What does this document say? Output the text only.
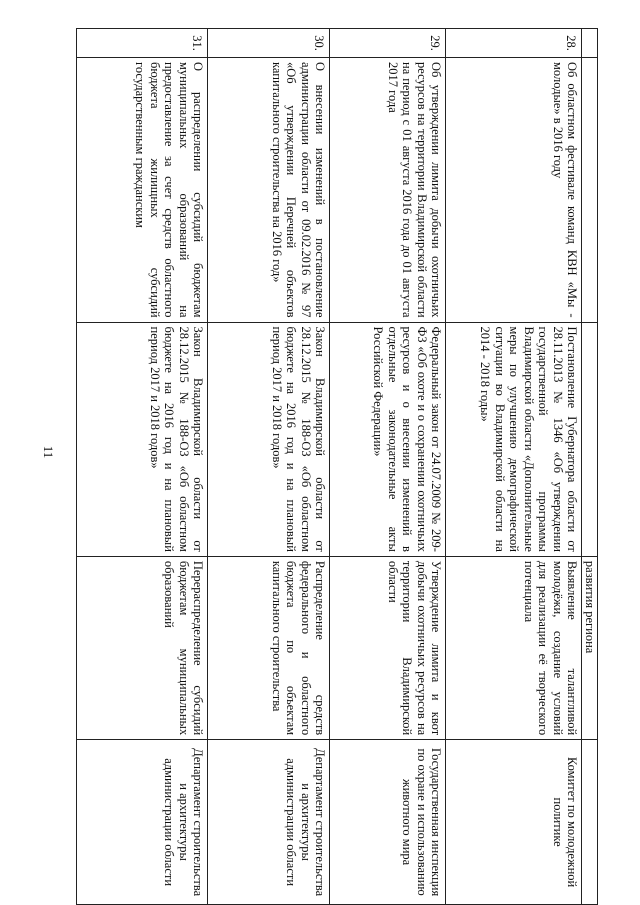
11
			развития региона	
28.	Об областном фестивале команд КВН «Мы - молодые» в 2016 году	Постановление Губернатора области от 28.11.2013 № 1346 «Об утверждении государственной программы Владимирской области «Дополнительные меры по улучшению демографической ситуации во Владимирской области на 2014 - 2018 годы»	Выявление талантливой молодёжи, создание условий для реализации её творческого потенциала	Комитет по молодежной политике
29.	Об утверждении лимита добычи охотничьих ресурсов на территории Владимирской области на период с 01 августа 2016 года до 01 августа 2017 года	Федеральный закон от 24.07.2009 № 209-ФЗ «Об охоте и о сохранении охотничьих ресурсов и о внесении изменений в отдельные законодательные акты Российской Федерации»	Утверждение лимита и квот добычи охотничьих ресурсов на территории Владимирской области	Государственная инспекция по охране и использованию животного мира
30.	О внесении изменений в постановление администрации области от 09.02.2016 № 97 «Об утверждении Перечней объектов капитального строительства на 2016 год»	Закон Владимирской области от 28.12.2015 № 188-ОЗ «Об областном бюджете на 2016 год и на плановый период 2017 и 2018 годов»	Распределение средств федерального и областного бюджета по объектам капитального строительства	Департамент строительства и архитектуры администрации области
31.	О распределении субсидий бюджетам муниципальных образований на предоставление за счет средств областного бюджета жилищных субсидий государственным гражданским	Закон Владимирской области от 28.12.2015 № 188-ОЗ «Об областном бюджете на 2016 год и на плановый период 2017 и 2018 годов»	Перераспределение субсидий бюджетам муниципальных образований	Департамент строительства и архитектуры администрации области
